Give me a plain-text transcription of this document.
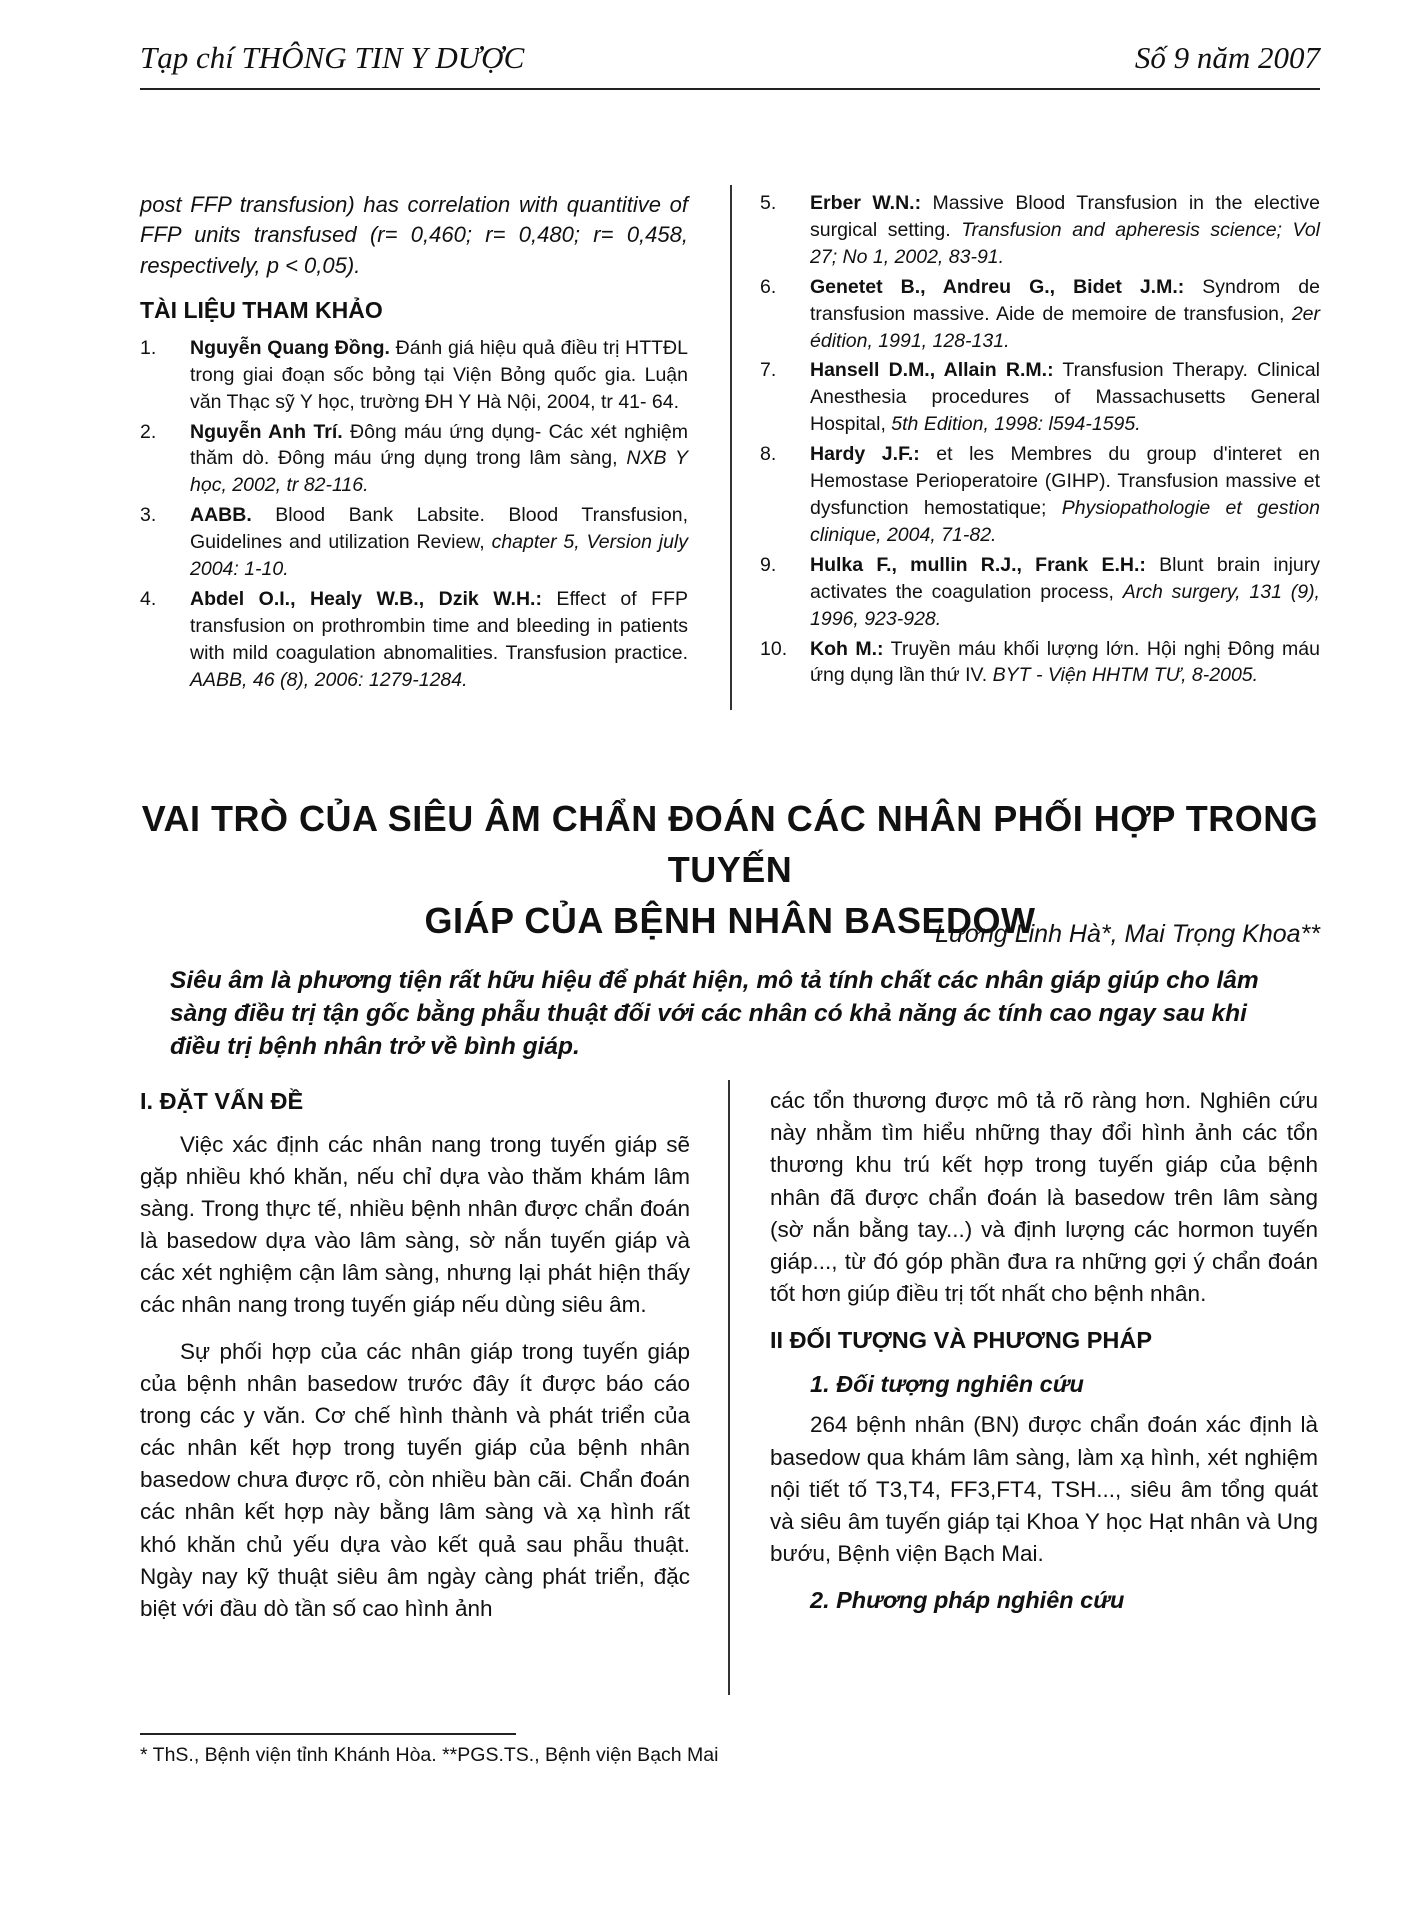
Tạp chí THÔNG TIN Y DƯỢC	Số 9 năm 2007

post FFP transfusion) has correlation with quantitive of FFP units transfused (r= 0,460; r= 0,480; r= 0,458, respectively, p < 0,05).

TÀI LIỆU THAM KHẢO
1.	Nguyễn Quang Đồng. Đánh giá hiệu quả điều trị HTTĐL trong giai đoạn sốc bỏng tại Viện Bỏng quốc gia. Luận văn Thạc sỹ Y học, trường ĐH Y Hà Nội, 2004, tr 41- 64.
2.	Nguyễn Anh Trí. Đông máu ứng dụng- Các xét nghiệm thăm dò. Đông máu ứng dụng trong lâm sàng, NXB Y học, 2002, tr 82-116.
3.	AABB. Blood Bank Labsite. Blood Transfusion, Guidelines and utilization Review, chapter 5, Version july 2004: 1-10.
4.	Abdel O.I., Healy W.B., Dzik W.H.: Effect of FFP transfusion on prothrombin time and bleeding in patients with mild coagulation abnomalities. Transfusion practice. AABB, 46 (8), 2006: 1279-1284.
5.	Erber W.N.: Massive Blood Transfusion in the elective surgical setting. Transfusion and apheresis science; Vol 27; No 1, 2002, 83-91.
6.	Genetet B., Andreu G., Bidet J.M.: Syndrom de transfusion massive. Aide de memoire de transfusion, 2er édition, 1991, 128-131.
7.	Hansell D.M., Allain R.M.: Transfusion Therapy. Clinical Anesthesia procedures of Massachusetts General Hospital, 5th Edition, 1998: l594-1595.
8.	Hardy J.F.: et les Membres du group d'interet en Hemostase Perioperatoire (GIHP). Transfusion massive et dysfunction hemostatique; Physiopathologie et gestion clinique, 2004, 71-82.
9.	Hulka F., mullin R.J., Frank E.H.: Blunt brain injury activates the coagulation process, Arch surgery, 131 (9), 1996, 923-928.
10.	Koh M.: Truyền máu khối lượng lớn. Hội nghị Đông máu ứng dụng lần thứ IV. BYT - Viện HHTM TƯ, 8-2005.
VAI TRÒ CỦA SIÊU ÂM CHẨN ĐOÁN CÁC NHÂN PHỐI HỢP TRONG TUYẾN
GIÁP CỦA BỆNH NHÂN BASEDOW
Lương Linh Hà*, Mai Trọng Khoa**
Siêu âm là phương tiện rất hữu hiệu để phát hiện, mô tả tính chất các nhân giáp giúp cho lâm sàng điều trị tận gốc bằng phẫu thuật đối với các nhân có khả năng ác tính cao ngay sau khi điều trị bệnh nhân trở về bình giáp.
I. ĐẶT VẤN ĐỀ

Việc xác định các nhân nang trong tuyến giáp sẽ gặp nhiều khó khăn, nếu chỉ dựa vào thăm khám lâm sàng. Trong thực tế, nhiều bệnh nhân được chẩn đoán là basedow dựa vào lâm sàng, sờ nắn tuyến giáp và các xét nghiệm cận lâm sàng, nhưng lại phát hiện thấy các nhân nang trong tuyến giáp nếu dùng siêu âm.

Sự phối hợp của các nhân giáp trong tuyến giáp của bệnh nhân basedow trước đây ít được báo cáo trong các y văn. Cơ chế hình thành và phát triển của các nhân kết hợp trong tuyến giáp của bệnh nhân basedow chưa được rõ, còn nhiều bàn cãi. Chẩn đoán các nhân kết hợp này bằng lâm sàng và xạ hình rất khó khăn chủ yếu dựa vào kết quả sau phẫu thuật. Ngày nay kỹ thuật siêu âm ngày càng phát triển, đặc biệt với đầu dò tần số cao hình ảnh

các tổn thương được mô tả rõ ràng hơn. Nghiên cứu này nhằm tìm hiểu những thay đổi hình ảnh các tổn thương khu trú kết hợp trong tuyến giáp của bệnh nhân đã được chẩn đoán là basedow trên lâm sàng (sờ nắn bằng tay...) và định lượng các hormon tuyến giáp..., từ đó góp phần đưa ra những gợi ý chẩn đoán tốt hơn giúp điều trị tốt nhất cho bệnh nhân.

II ĐỐI TƯỢNG VÀ PHƯƠNG PHÁP
1. Đối tượng nghiên cứu

264 bệnh nhân (BN) được chẩn đoán xác định là basedow qua khám lâm sàng, làm xạ hình, xét nghiệm nội tiết tố T3,T4, FF3,FT4, TSH..., siêu âm tổng quát và siêu âm tuyến giáp tại Khoa Y học Hạt nhân và Ung bướu, Bệnh viện Bạch Mai.

2. Phương pháp nghiên cứu
* ThS., Bệnh viện tỉnh Khánh Hòa. **PGS.TS., Bệnh viện Bạch Mai
